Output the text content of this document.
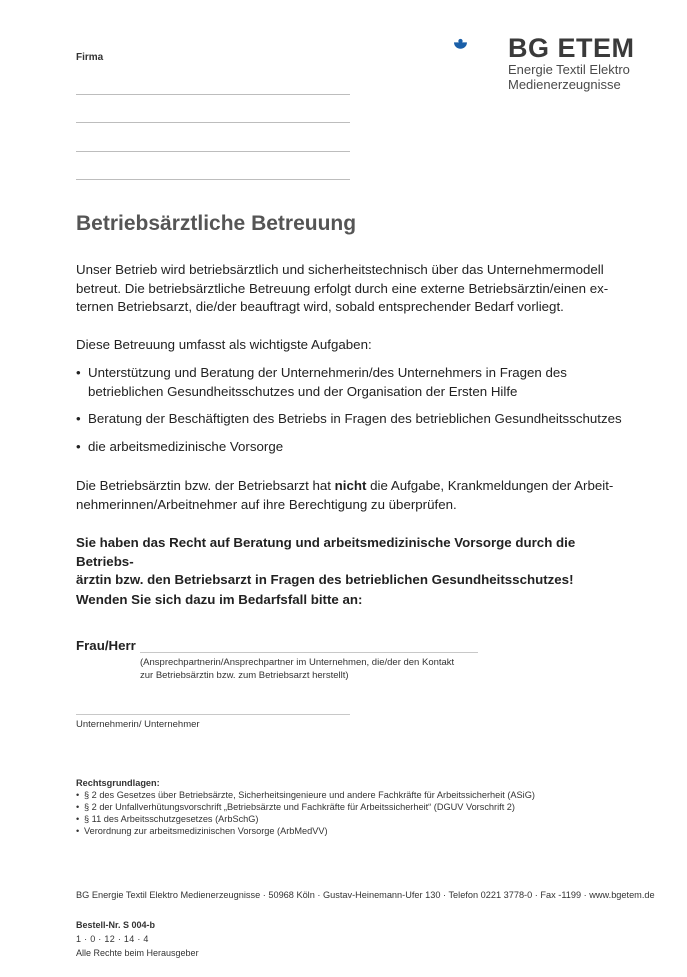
Firma	BG ETEM
Energie Textil Elektro
Medienerzeugnisse
Betriebsärztliche Betreuung
Unser Betrieb wird betriebsärztlich und sicherheitstechnisch über das Unternehmermodell
betreut. Die betriebsärztliche Betreuung erfolgt durch eine externe Betriebsärztin/einen ex-
ternen Betriebsarzt, die/der beauftragt wird, sobald entsprechender Bedarf vorliegt.
Diese Betreuung umfasst als wichtigste Aufgaben:
• Unterstützung und Beratung der Unternehmerin/des Unternehmers in Fragen des
betrieblichen Gesundheitsschutzes und der Organisation der Ersten Hilfe
• Beratung der Beschäftigten des Betriebs in Fragen des betrieblichen Gesundheitsschutzes
• die arbeitsmedizinische Vorsorge
Die Betriebsärztin bzw. der Betriebsarzt hat nicht die Aufgabe, Krankmeldungen der Arbeit-
nehmerinnen/Arbeitnehmer auf ihre Berechtigung zu überprüfen.
Sie haben das Recht auf Beratung und arbeitsmedizinische Vorsorge durch die Betriebs-
ärztin bzw. den Betriebsarzt in Fragen des betrieblichen Gesundheitsschutzes!
Wenden Sie sich dazu im Bedarfsfall bitte an:
Frau/Herr
(Ansprechpartnerin/Ansprechpartner im Unternehmen, die/der den Kontakt
zur Betriebsärztin bzw. zum Betriebsarzt herstellt)
Unternehmerin/ Unternehmer
Rechtsgrundlagen:
• § 2 des Gesetzes über Betriebsärzte, Sicherheitsingenieure und andere Fachkräfte für Arbeitssicherheit (ASiG)
• § 2 der Unfallverhütungsvorschrift „Betriebsärzte und Fachkräfte für Arbeitssicherheit“ (DGUV Vorschrift 2)
• § 11 des Arbeitsschutzgesetzes (ArbSchG)
• Verordnung zur arbeitsmedizinischen Vorsorge (ArbMedVV)
BG Energie Textil Elektro Medienerzeugnisse · 50968 Köln · Gustav-Heinemann-Ufer 130 · Telefon 0221 3778-0 · Fax -1199 · www.bgetem.de
Bestell-Nr. S 004-b
1 · 0 · 12 · 14 · 4
Alle Rechte beim Herausgeber
